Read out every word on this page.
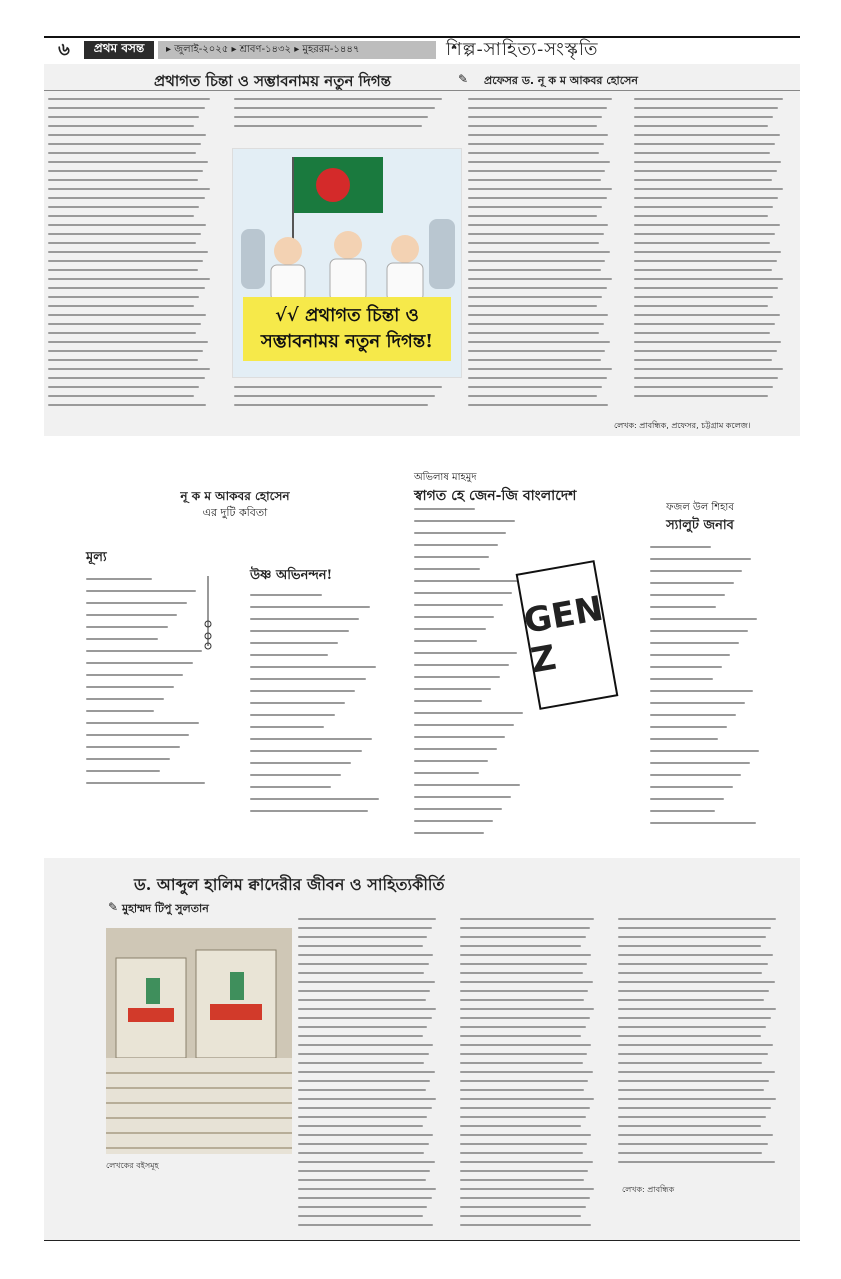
৬	প্রথম বসন্ত	▸ জুলাই-২০২৫ ▸ শ্রাবণ-১৪৩২ ▸ মুহররম-১৪৪৭	শিল্প-সাহিত্য-সংস্কৃতি
প্রথাগত চিন্তা ও সম্ভাবনাময় নতুন দিগন্ত	✎ প্রফেসর ড. নূ ক ম আকবর হোসেন
√√ প্রথাগত চিন্তা ও সম্ভাবনাময় নতুন দিগন্ত!
লেখক: প্রাবন্ধিক, প্রফেসর, চট্টগ্রাম কলেজ।
নূ ক ম আকবর হোসেন
এর দুটি কবিতা
মূল্য
উষ্ণ অভিনন্দন!
অভিলাষ মাহমুদ
স্বাগত হে জেন-জি বাংলাদেশ
GEN Z
ফজল উল শিহাব
স্যালুট জনাব
ড. আব্দুল হালিম ক্বাদেরীর জীবন ও সাহিত্যকীর্তি
✎ মুহাম্মদ টিপু সুলতান
লেখকের বইসমূহ
লেখক: প্রাবন্ধিক
